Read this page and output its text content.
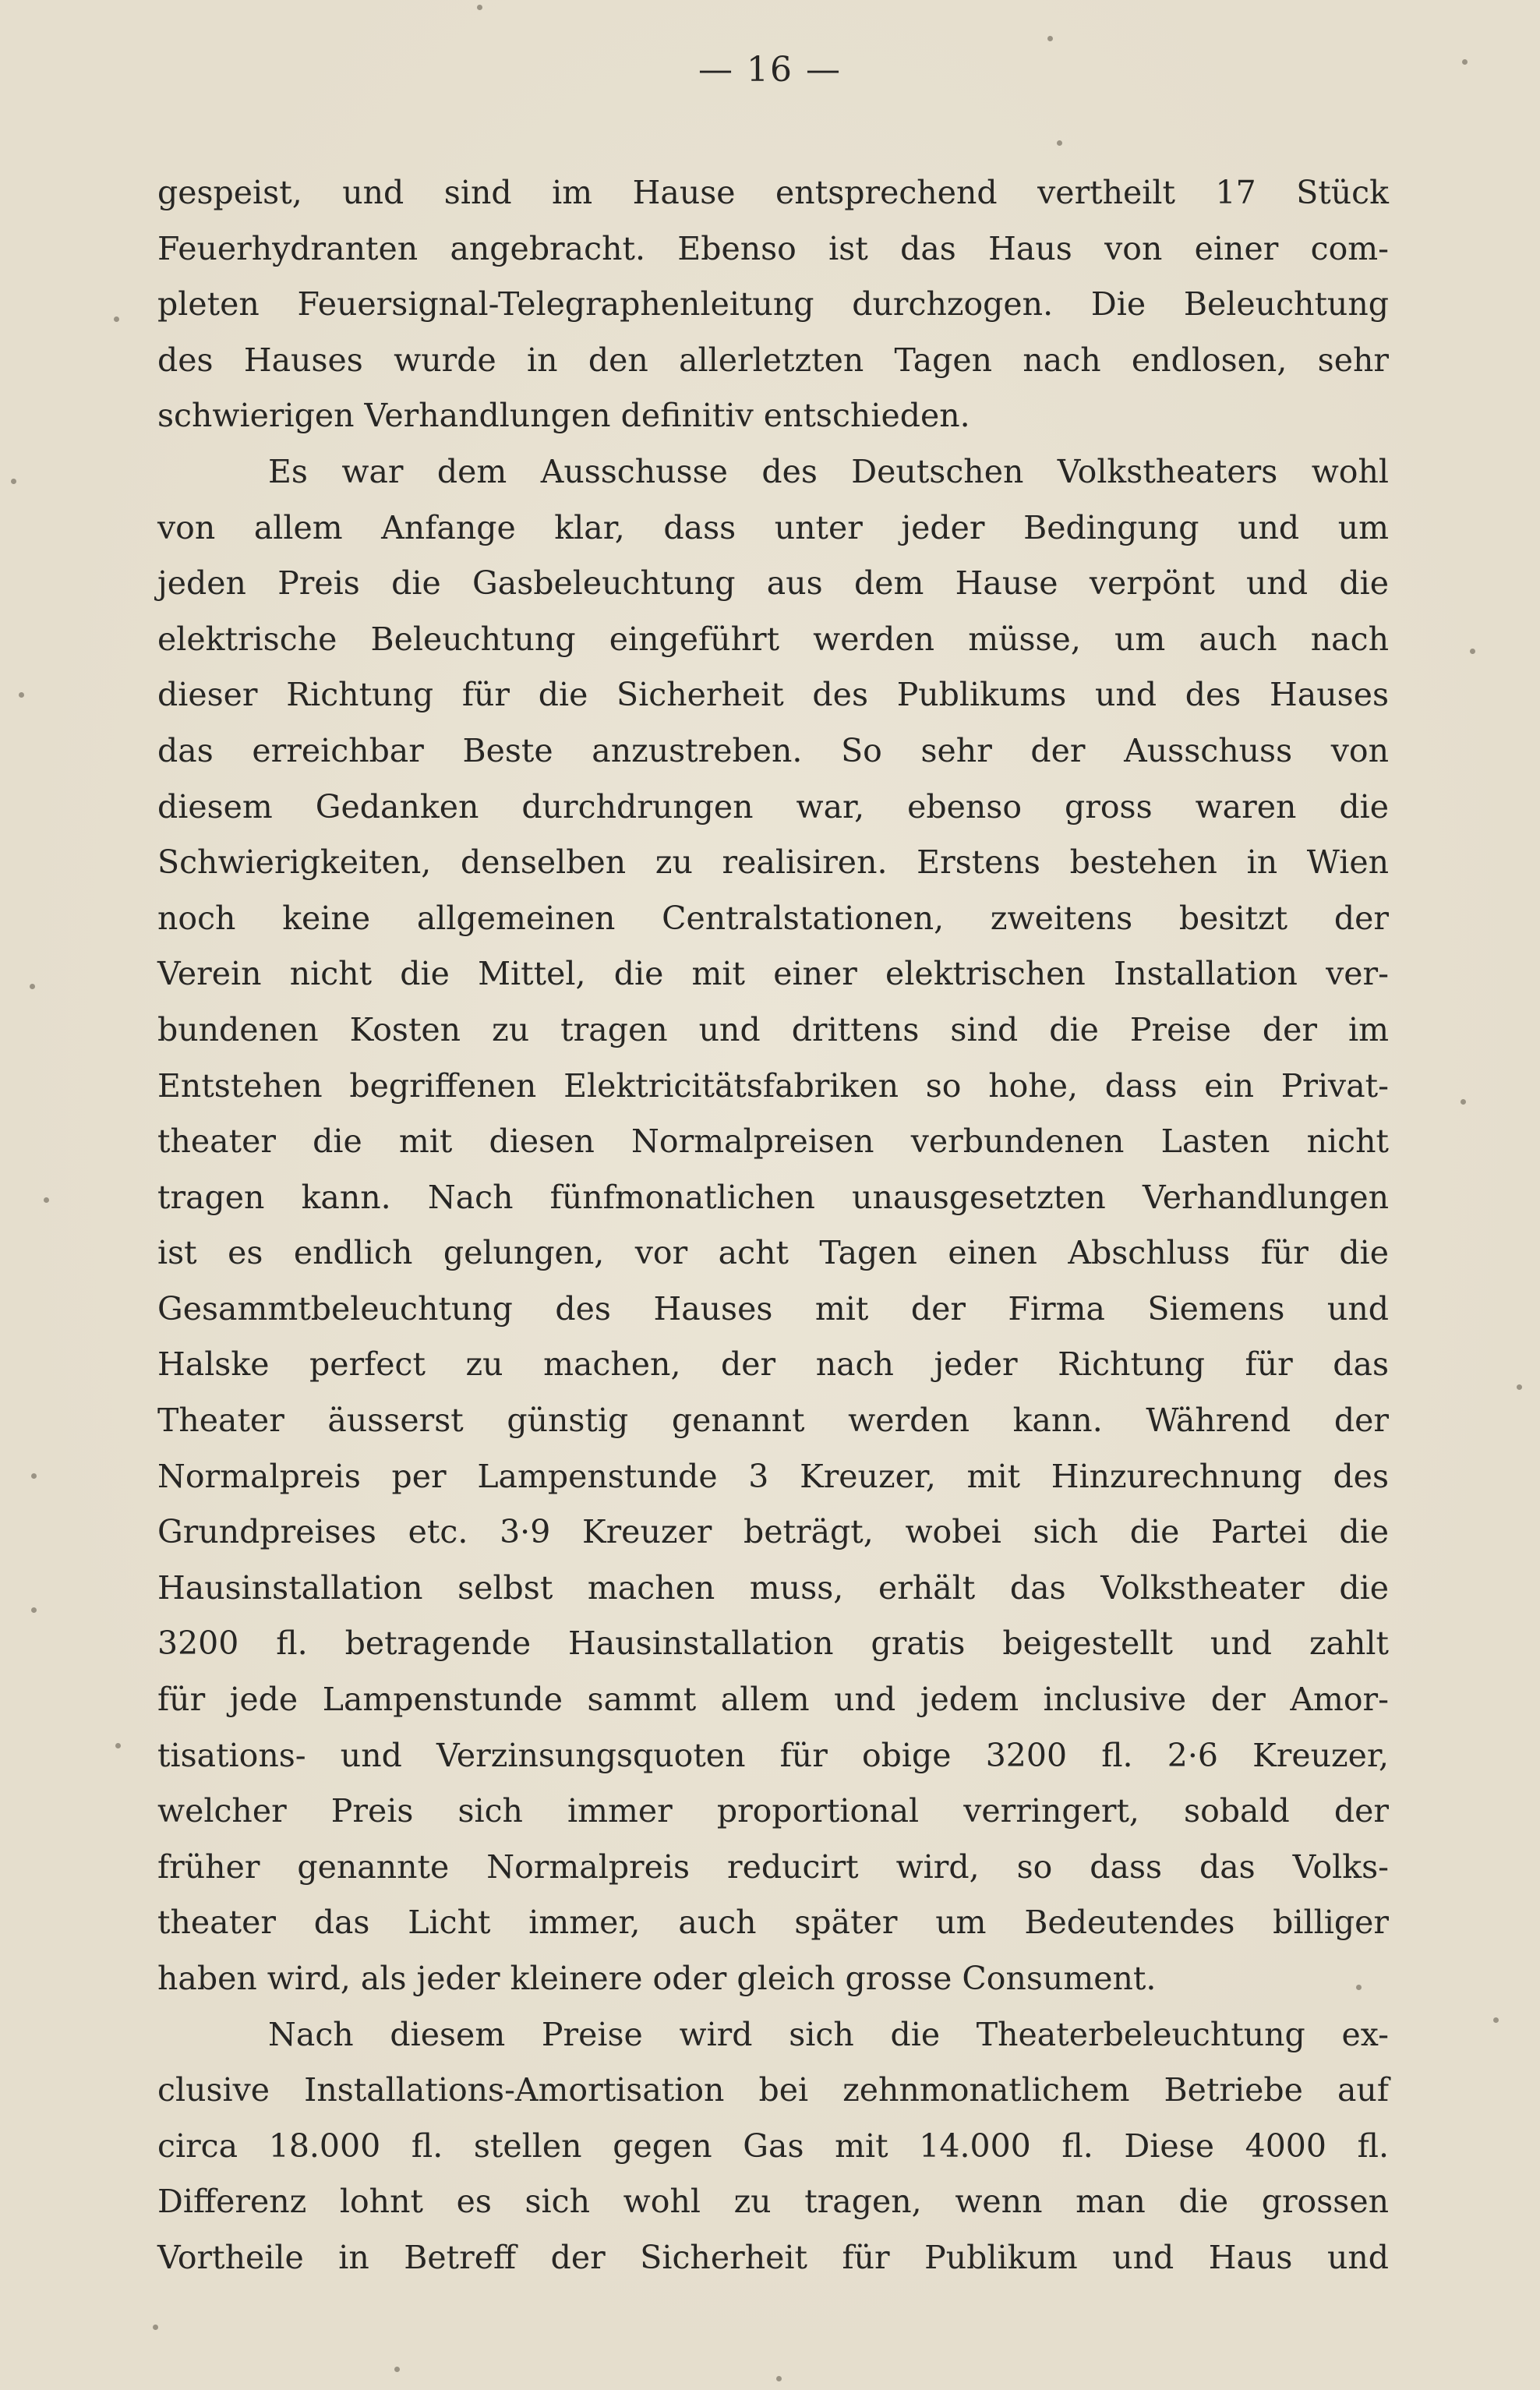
— 16 —
gespeist, und sind im Hause entsprechend vertheilt 17 Stück
Feuerhydranten angebracht. Ebenso ist das Haus von einer com-
pleten Feuersignal-Telegraphenleitung durchzogen. Die Beleuchtung
des Hauses wurde in den allerletzten Tagen nach endlosen, sehr
schwierigen Verhandlungen definitiv entschieden.
Es war dem Ausschusse des Deutschen Volkstheaters wohl
von allem Anfange klar, dass unter jeder Bedingung und um
jeden Preis die Gasbeleuchtung aus dem Hause verpönt und die
elektrische Beleuchtung eingeführt werden müsse, um auch nach
dieser Richtung für die Sicherheit des Publikums und des Hauses
das erreichbar Beste anzustreben. So sehr der Ausschuss von
diesem Gedanken durchdrungen war, ebenso gross waren die
Schwierigkeiten, denselben zu realisiren. Erstens bestehen in Wien
noch keine allgemeinen Centralstationen, zweitens besitzt der
Verein nicht die Mittel, die mit einer elektrischen Installation ver-
bundenen Kosten zu tragen und drittens sind die Preise der im
Entstehen begriffenen Elektricitätsfabriken so hohe, dass ein Privat-
theater die mit diesen Normalpreisen verbundenen Lasten nicht
tragen kann. Nach fünfmonatlichen unausgesetzten Verhandlungen
ist es endlich gelungen, vor acht Tagen einen Abschluss für die
Gesammtbeleuchtung des Hauses mit der Firma Siemens und
Halske perfect zu machen, der nach jeder Richtung für das
Theater äusserst günstig genannt werden kann. Während der
Normalpreis per Lampenstunde 3 Kreuzer, mit Hinzurechnung des
Grundpreises etc. 3·9 Kreuzer beträgt, wobei sich die Partei die
Hausinstallation selbst machen muss, erhält das Volkstheater die
3200 fl. betragende Hausinstallation gratis beigestellt und zahlt
für jede Lampenstunde sammt allem und jedem inclusive der Amor-
tisations- und Verzinsungsquoten für obige 3200 fl. 2·6 Kreuzer,
welcher Preis sich immer proportional verringert, sobald der
früher genannte Normalpreis reducirt wird, so dass das Volks-
theater das Licht immer, auch später um Bedeutendes billiger
haben wird, als jeder kleinere oder gleich grosse Consument.
Nach diesem Preise wird sich die Theaterbeleuchtung ex-
clusive Installations-Amortisation bei zehnmonatlichem Betriebe auf
circa 18.000 fl. stellen gegen Gas mit 14.000 fl. Diese 4000 fl.
Differenz lohnt es sich wohl zu tragen, wenn man die grossen
Vortheile in Betreff der Sicherheit für Publikum und Haus und
